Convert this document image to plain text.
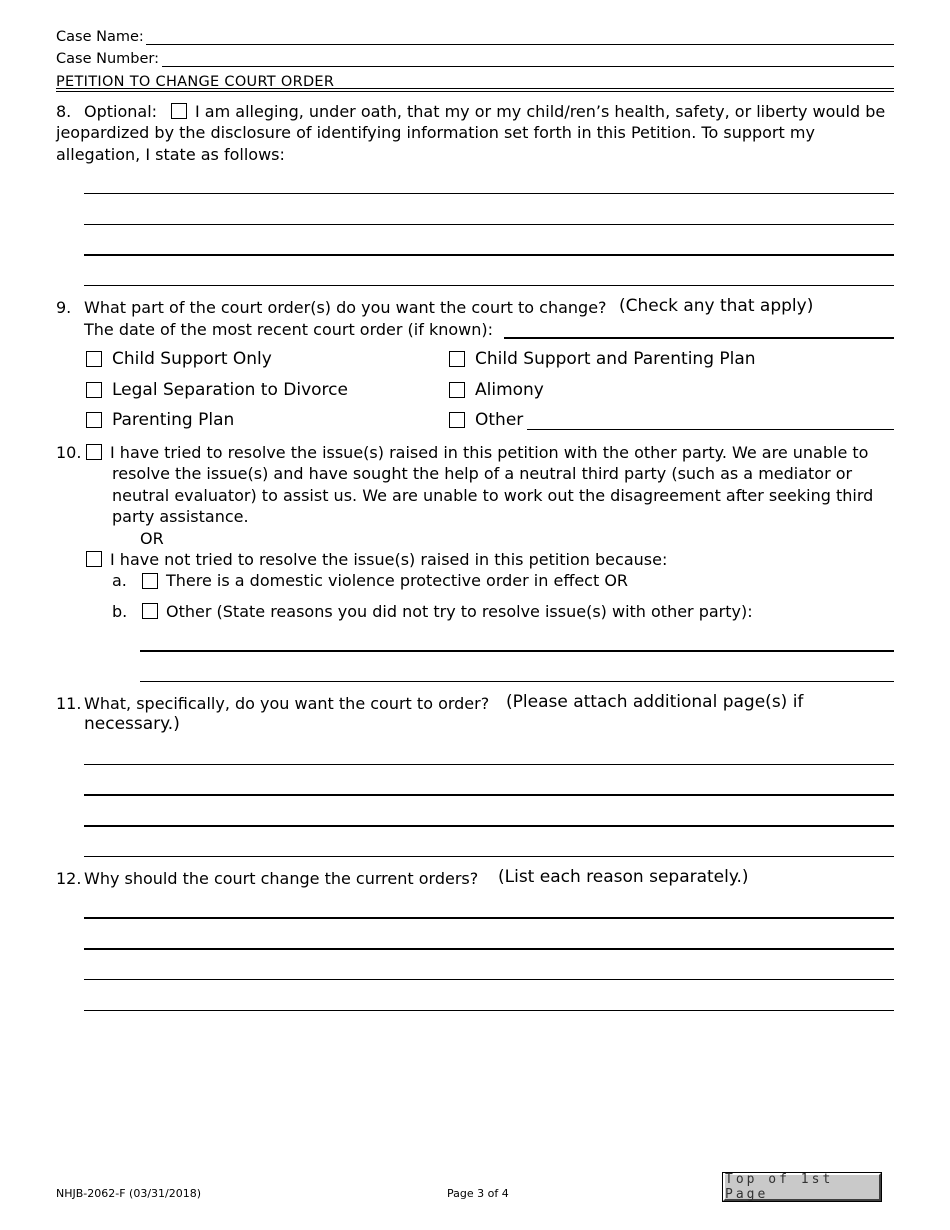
Case Name:
Case Number:
PETITION TO CHANGE COURT ORDER
8. Optional: I am alleging, under oath, that my or my child/ren’s health, safety, or liberty would be
jeopardized by the disclosure of identifying information set forth in this Petition. To support my
allegation, I state as follows:
9. What part of the court order(s) do you want the court to change? (Check any that apply)
The date of the most recent court order (if known):
Child Support Only	Child Support and Parenting Plan
Legal Separation to Divorce	Alimony
Parenting Plan	Other
10. I have tried to resolve the issue(s) raised in this petition with the other party. We are unable to
resolve the issue(s) and have sought the help of a neutral third party (such as a mediator or
neutral evaluator) to assist us. We are unable to work out the disagreement after seeking third
party assistance.
OR
I have not tried to resolve the issue(s) raised in this petition because:
a. There is a domestic violence protective order in effect OR
b. Other (State reasons you did not try to resolve issue(s) with other party):
11. What, specifically, do you want the court to order? (Please attach additional page(s) if
necessary.)
12. Why should the court change the current orders? (List each reason separately.)
NHJB-2062-F (03/31/2018)	Page 3 of 4
Top of 1st Page
